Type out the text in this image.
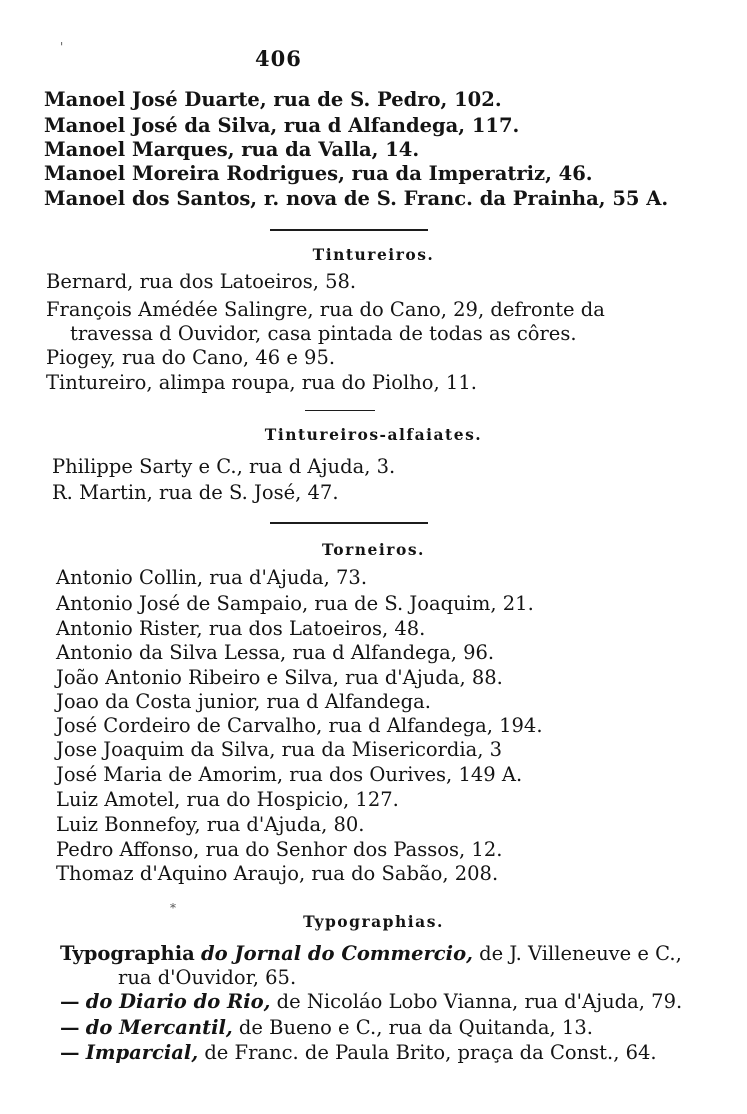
'	406
Manoel José Duarte, rua de S. Pedro, 102.
Manoel José da Silva, rua d Alfandega, 117.
Manoel Marques, rua da Valla, 14.
Manoel Moreira Rodrigues, rua da Imperatriz, 46.
Manoel dos Santos, r. nova de S. Franc. da Prainha, 55 A.
Tintureiros.
Bernard, rua dos Latoeiros, 58.
François Amédée Salingre, rua do Cano, 29, defronte da
travessa d Ouvidor, casa pintada de todas as côres.
Piogey, rua do Cano, 46 e 95.
Tintureiro, alimpa roupa, rua do Piolho, 11.
Tintureiros-alfaiates.
Philippe Sarty e C., rua d Ajuda, 3.
R. Martin, rua de S. José, 47.
Torneiros.
Antonio Collin, rua d'Ajuda, 73.
Antonio José de Sampaio, rua de S. Joaquim, 21.
Antonio Rister, rua dos Latoeiros, 48.
Antonio da Silva Lessa, rua d Alfandega, 96.
João Antonio Ribeiro e Silva, rua d'Ajuda, 88.
Joao da Costa junior, rua d Alfandega.
José Cordeiro de Carvalho, rua d Alfandega, 194.
Jose Joaquim da Silva, rua da Misericordia, 3
José Maria de Amorim, rua dos Ourives, 149 A.
Luiz Amotel, rua do Hospicio, 127.
Luiz Bonnefoy, rua d'Ajuda, 80.
Pedro Affonso, rua do Senhor dos Passos, 12.
Thomaz d'Aquino Araujo, rua do Sabão, 208.
*
Typographias.
Typographia do Jornal do Commercio, de J. Villeneuve e C.,
rua d'Ouvidor, 65.
— do Diario do Rio, de Nicoláo Lobo Vianna, rua d'Ajuda, 79.
— do Mercantil, de Bueno e C., rua da Quitanda, 13.
— Imparcial, de Franc. de Paula Brito, praça da Const., 64.
